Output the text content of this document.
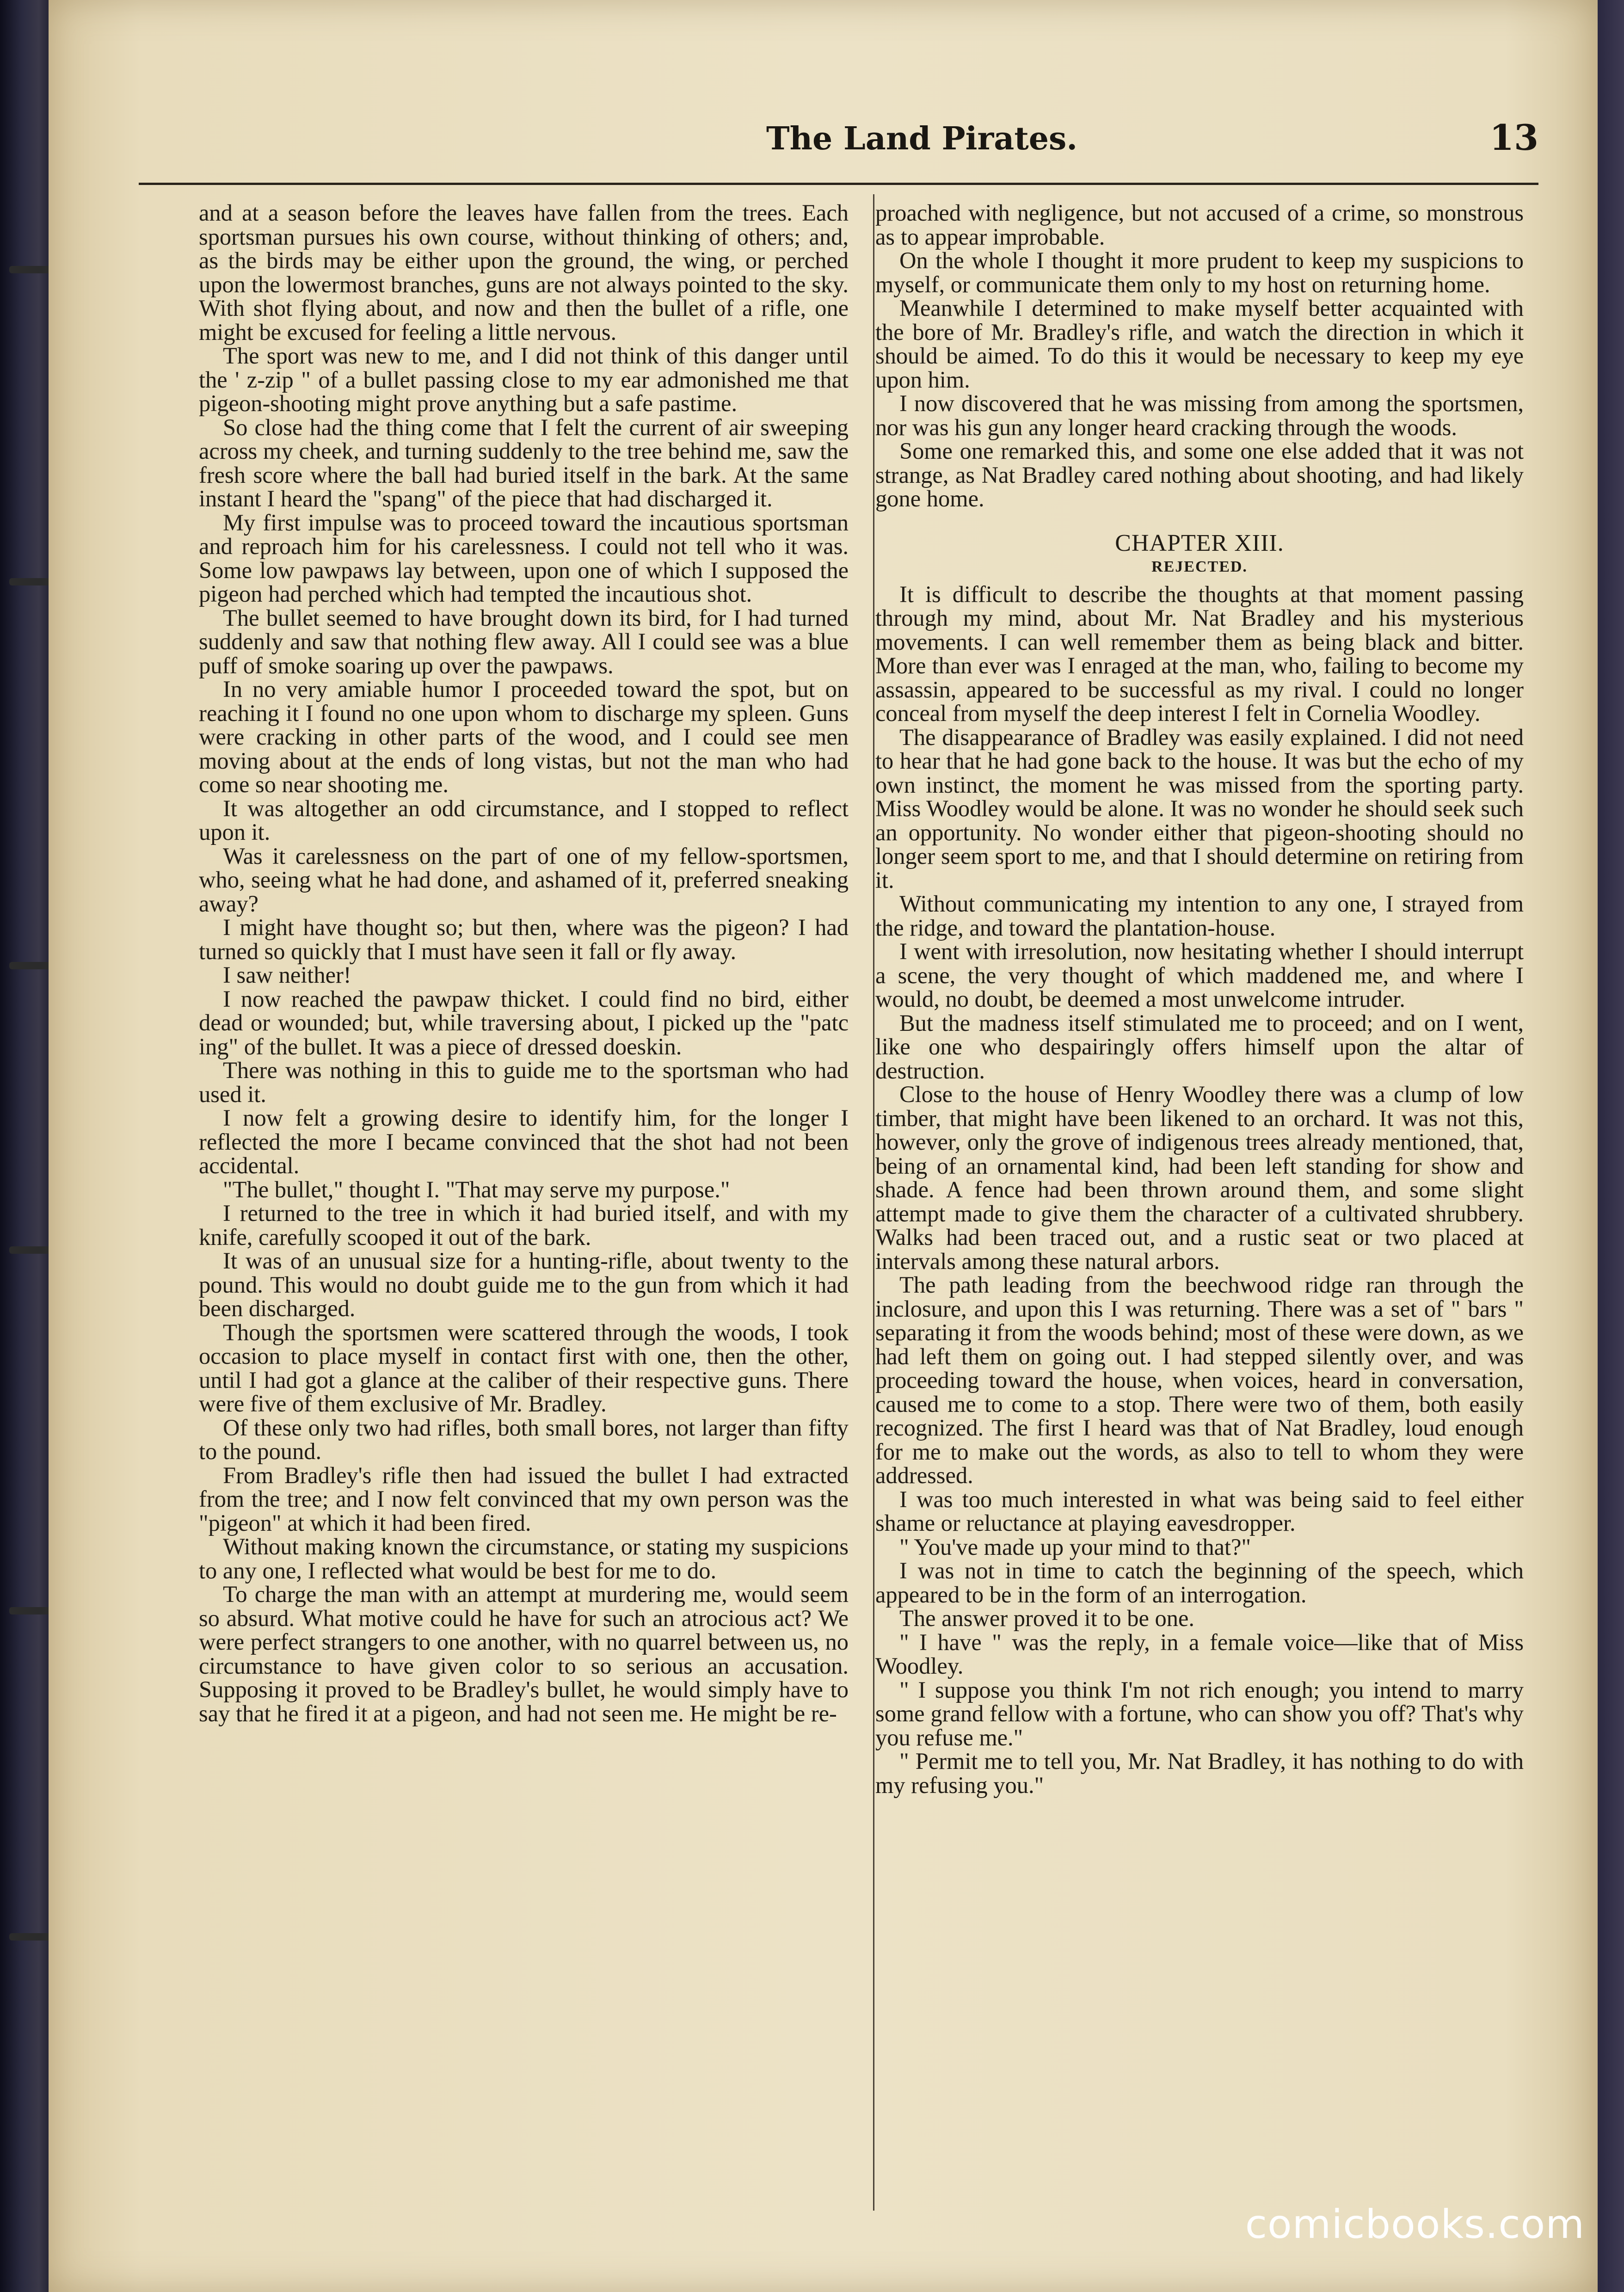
The Land Pirates.	13

and at a season before the leaves have fallen from the trees. Each sportsman pursues his own course, without thinking of others; and, as the birds may be either upon the ground, the wing, or perched upon the lowermost branches, guns are not always pointed to the sky. With shot flying about, and now and then the bullet of a rifle, one might be excused for feeling a little nervous.

The sport was new to me, and I did not think of this danger until the ' z-zip " of a bullet passing close to my ear admonished me that pigeon-shooting might prove anything but a safe pastime.

So close had the thing come that I felt the current of air sweeping across my cheek, and turning suddenly to the tree behind me, saw the fresh score where the ball had buried itself in the bark. At the same instant I heard the "spang" of the piece that had discharged it.

My first impulse was to proceed toward the incautious sportsman and reproach him for his carelessness. I could not tell who it was. Some low pawpaws lay between, upon one of which I supposed the pigeon had perched which had tempted the incautious shot.

The bullet seemed to have brought down its bird, for I had turned suddenly and saw that nothing flew away. All I could see was a blue puff of smoke soaring up over the pawpaws.

In no very amiable humor I proceeded toward the spot, but on reaching it I found no one upon whom to discharge my spleen. Guns were cracking in other parts of the wood, and I could see men moving about at the ends of long vistas, but not the man who had come so near shooting me.

It was altogether an odd circumstance, and I stopped to reflect upon it.

Was it carelessness on the part of one of my fellow-sportsmen, who, seeing what he had done, and ashamed of it, preferred sneaking away?

I might have thought so; but then, where was the pigeon? I had turned so quickly that I must have seen it fall or fly away.

I saw neither!

I now reached the pawpaw thicket. I could find no bird, either dead or wounded; but, while traversing about, I picked up the "patc ing" of the bullet. It was a piece of dressed doeskin.

There was nothing in this to guide me to the sportsman who had used it.

I now felt a growing desire to identify him, for the longer I reflected the more I became convinced that the shot had not been accidental.

"The bullet," thought I. "That may serve my purpose."

I returned to the tree in which it had buried itself, and with my knife, carefully scooped it out of the bark.

It was of an unusual size for a hunting-rifle, about twenty to the pound. This would no doubt guide me to the gun from which it had been discharged.

Though the sportsmen were scattered through the woods, I took occasion to place myself in contact first with one, then the other, until I had got a glance at the caliber of their respective guns. There were five of them exclusive of Mr. Bradley.

Of these only two had rifles, both small bores, not larger than fifty to the pound.

From Bradley's rifle then had issued the bullet I had extracted from the tree; and I now felt convinced that my own person was the "pigeon" at which it had been fired.

Without making known the circumstance, or stating my suspicions to any one, I reflected what would be best for me to do.

To charge the man with an attempt at murdering me, would seem so absurd. What motive could he have for such an atrocious act? We were perfect strangers to one another, with no quarrel between us, no circumstance to have given color to so serious an accusation. Supposing it proved to be Bradley's bullet, he would simply have to say that he fired it at a pigeon, and had not seen me. He might be re-

proached with negligence, but not accused of a crime, so monstrous as to appear improbable.

On the whole I thought it more prudent to keep my suspicions to myself, or communicate them only to my host on returning home.

Meanwhile I determined to make myself better acquainted with the bore of Mr. Bradley's rifle, and watch the direction in which it should be aimed. To do this it would be necessary to keep my eye upon him.

I now discovered that he was missing from among the sportsmen, nor was his gun any longer heard cracking through the woods.

Some one remarked this, and some one else added that it was not strange, as Nat Bradley cared nothing about shooting, and had likely gone home.

CHAPTER XIII.
REJECTED.

It is difficult to describe the thoughts at that moment passing through my mind, about Mr. Nat Bradley and his mysterious movements. I can well remember them as being black and bitter. More than ever was I enraged at the man, who, failing to become my assassin, appeared to be successful as my rival. I could no longer conceal from myself the deep interest I felt in Cornelia Woodley.

The disappearance of Bradley was easily explained. I did not need to hear that he had gone back to the house. It was but the echo of my own instinct, the moment he was missed from the sporting party. Miss Woodley would be alone. It was no wonder he should seek such an opportunity. No wonder either that pigeon-shooting should no longer seem sport to me, and that I should determine on retiring from it.

Without communicating my intention to any one, I strayed from the ridge, and toward the plantation-house.

I went with irresolution, now hesitating whether I should interrupt a scene, the very thought of which maddened me, and where I would, no doubt, be deemed a most unwelcome intruder.

But the madness itself stimulated me to proceed; and on I went, like one who despairingly offers himself upon the altar of destruction.

Close to the house of Henry Woodley there was a clump of low timber, that might have been likened to an orchard. It was not this, however, only the grove of indigenous trees already mentioned, that, being of an ornamental kind, had been left standing for show and shade. A fence had been thrown around them, and some slight attempt made to give them the character of a cultivated shrubbery. Walks had been traced out, and a rustic seat or two placed at intervals among these natural arbors.

The path leading from the beechwood ridge ran through the inclosure, and upon this I was returning. There was a set of " bars " separating it from the woods behind; most of these were down, as we had left them on going out. I had stepped silently over, and was proceeding toward the house, when voices, heard in conversation, caused me to come to a stop. There were two of them, both easily recognized. The first I heard was that of Nat Bradley, loud enough for me to make out the words, as also to tell to whom they were addressed.

I was too much interested in what was being said to feel either shame or reluctance at playing eavesdropper.

" You've made up your mind to that?"

I was not in time to catch the beginning of the speech, which appeared to be in the form of an interrogation.

The answer proved it to be one.

" I have " was the reply, in a female voice—like that of Miss Woodley.

" I suppose you think I'm not rich enough; you intend to marry some grand fellow with a fortune, who can show you off? That's why you refuse me."

" Permit me to tell you, Mr. Nat Bradley, it has nothing to do with my refusing you."

comicbooks.com
